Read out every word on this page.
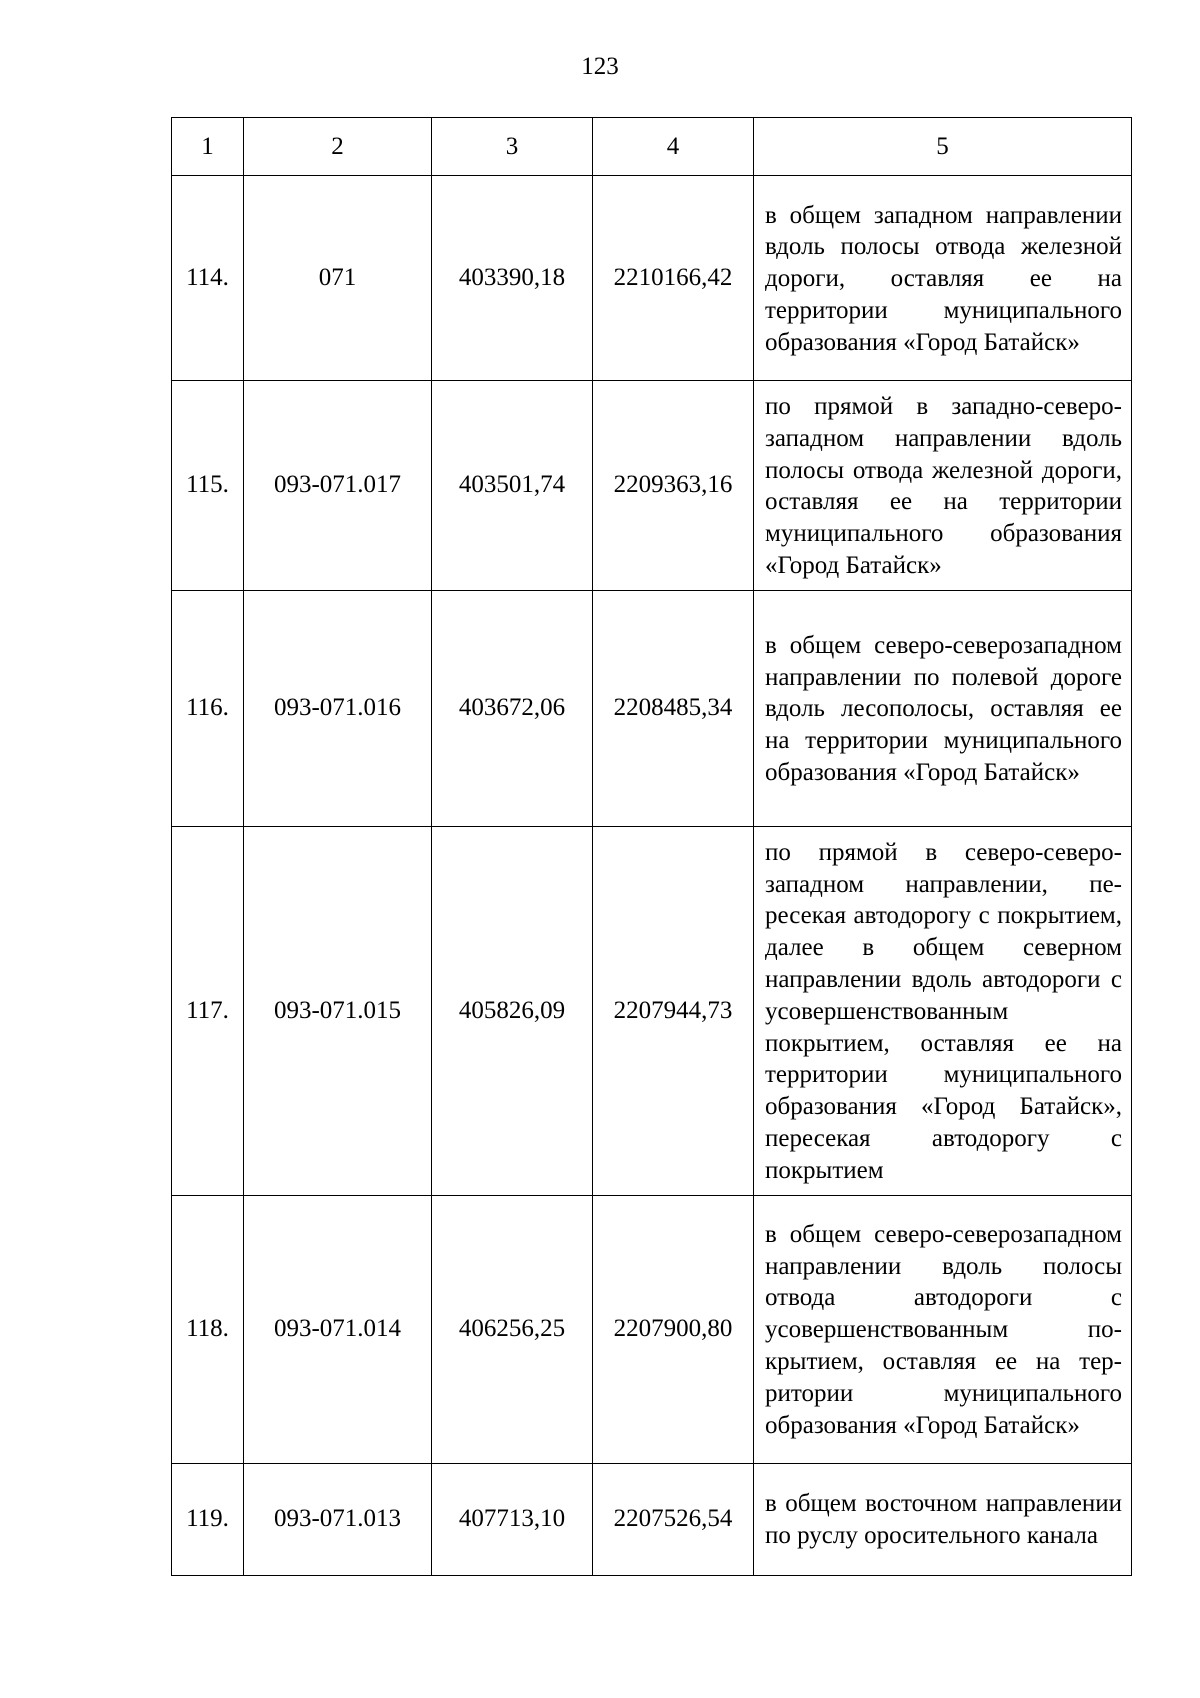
123
1	2	3	4	5
114.	071	403390,18	2210166,42	в общем западном направлении вдоль полосы отвода железной дороги, оставляя ее на территории муниципального образования «Город Батайск»

115.	093-071.017	403501,74	2209363,16	по прямой в западно-северозападном направлении вдоль полосы отвода железной дороги, оставляя ее на территории муниципального образования «Город Батайск»

116.	093-071.016	403672,06	2208485,34	в общем северо-северозападном направлении по полевой дороге вдоль лесополосы, оставляя ее на территории муниципального образования «Город Батайск»

117.	093-071.015	405826,09	2207944,73	по прямой в северо-северозападном направлении, пересекая автодорогу с покрытием, далее в общем северном направлении вдоль автодороги с усовершенствованным покрытием, оставляя ее на территории муниципального образования «Город Батайск», пересекая автодорогу с покрытием

118.	093-071.014	406256,25	2207900,80	в общем северо-северозападном направлении вдоль полосы отвода автодороги с усовершенствованным покрытием, оставляя ее на территории муниципального образования «Город Батайск»

119.	093-071.013	407713,10	2207526,54	в общем восточном направлении по руслу оросительного канала
